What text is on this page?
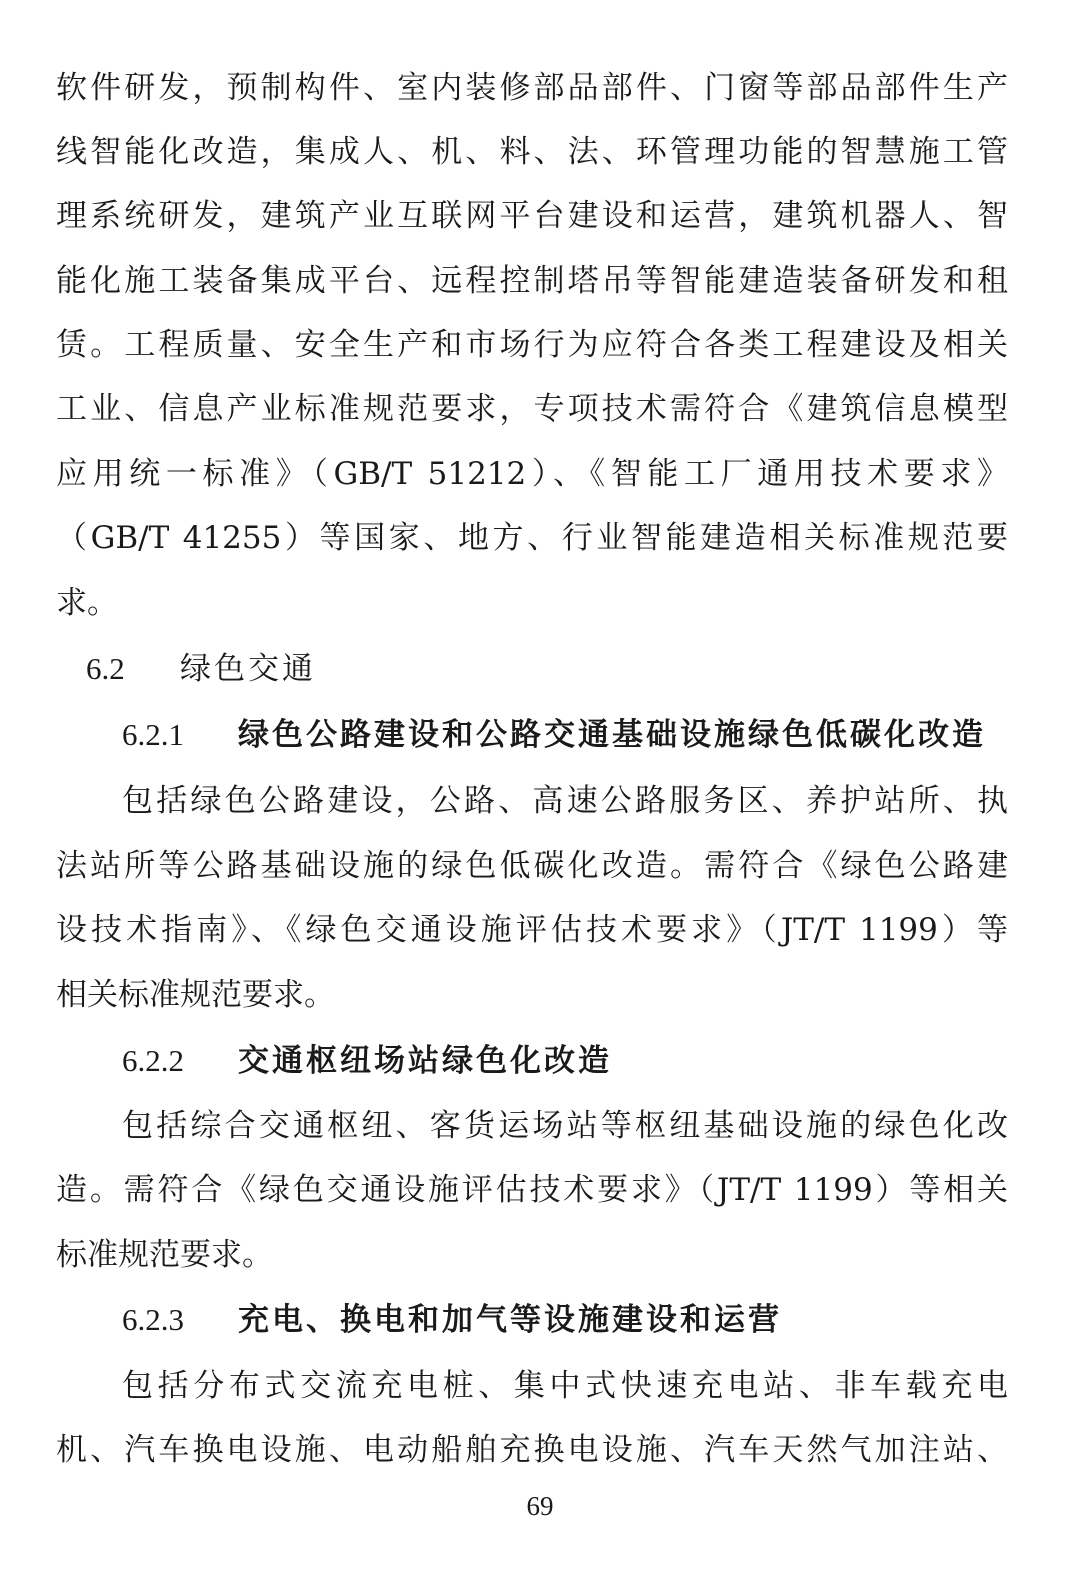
软件研发，预制构件、室内装修部品部件、门窗等部品部件生产
线智能化改造，集成人、机、料、法、环管理功能的智慧施工管
理系统研发，建筑产业互联网平台建设和运营，建筑机器人、智
能化施工装备集成平台、远程控制塔吊等智能建造装备研发和租
赁。工程质量、安全生产和市场行为应符合各类工程建设及相关
工业、信息产业标准规范要求，专项技术需符合《建筑信息模型
应用统一标准》（GB/T 51212）、《智能工厂通用技术要求》
（GB/T 41255）等国家、地方、行业智能建造相关标准规范要
求。
6.2	绿色交通
6.2.1	绿色公路建设和公路交通基础设施绿色低碳化改造
包括绿色公路建设，公路、高速公路服务区、养护站所、执
法站所等公路基础设施的绿色低碳化改造。需符合《绿色公路建
设技术指南》、《绿色交通设施评估技术要求》（JT/T 1199）等
相关标准规范要求。
6.2.2	交通枢纽场站绿色化改造
包括综合交通枢纽、客货运场站等枢纽基础设施的绿色化改
造。需符合《绿色交通设施评估技术要求》（JT/T 1199）等相关
标准规范要求。
6.2.3	充电、换电和加气等设施建设和运营
包括分布式交流充电桩、集中式快速充电站、非车载充电
机、汽车换电设施、电动船舶充换电设施、汽车天然气加注站、
69
